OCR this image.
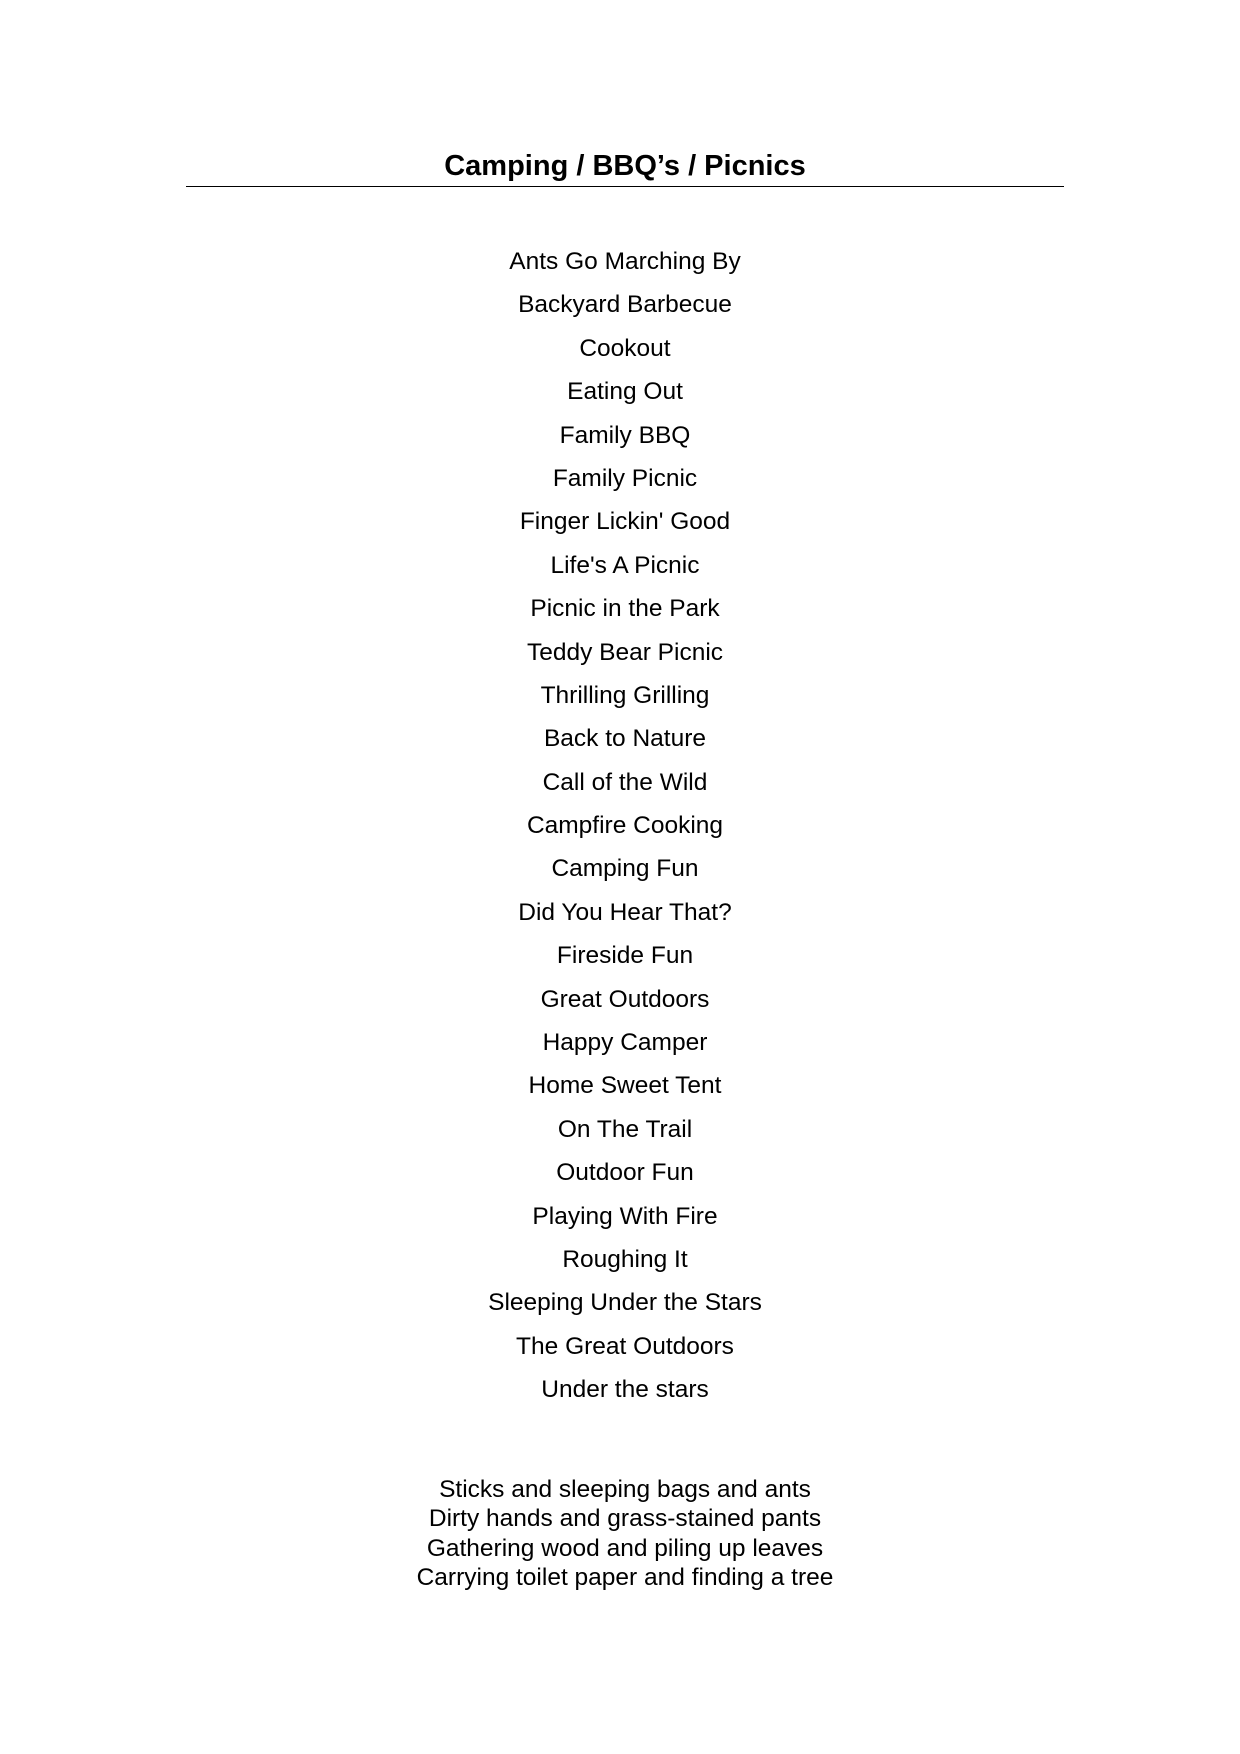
Camping / BBQ’s / Picnics
Ants Go Marching By
Backyard Barbecue
Cookout
Eating Out
Family BBQ
Family Picnic
Finger Lickin' Good
Life's A Picnic
Picnic in the Park
Teddy Bear Picnic
Thrilling Grilling
Back to Nature
Call of the Wild
Campfire Cooking
Camping Fun
Did You Hear That?
Fireside Fun
Great Outdoors
Happy Camper
Home Sweet Tent
On The Trail
Outdoor Fun
Playing With Fire
Roughing It
Sleeping Under the Stars
The Great Outdoors
Under the stars
Sticks and sleeping bags and ants
Dirty hands and grass-stained pants
Gathering wood and piling up leaves
Carrying toilet paper and finding a tree
